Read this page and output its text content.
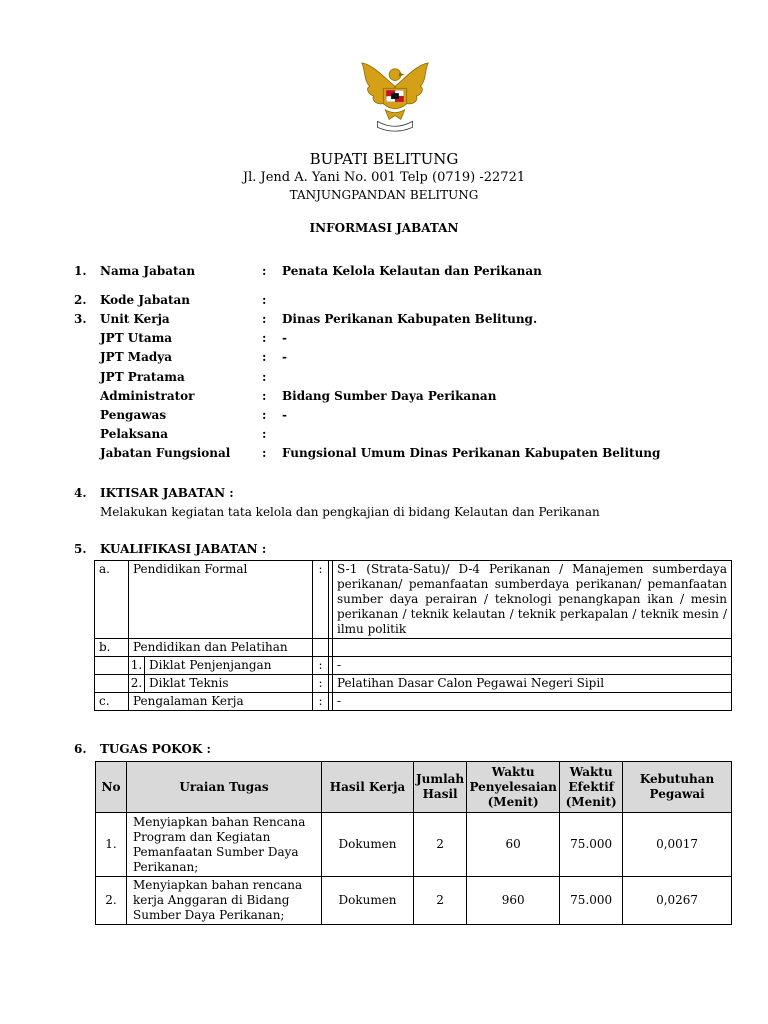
BUPATI BELITUNG
Jl. Jend A. Yani No. 001 Telp (0719) -22721
TANJUNGPANDAN BELITUNG
INFORMASI JABATAN
1. Nama Jabatan	: Penata Kelola Kelautan dan Perikanan
2. Kode Jabatan	:
3. Unit Kerja	: Dinas Perikanan Kabupaten Belitung.
JPT Utama	: -
JPT Madya	: -
JPT Pratama	:
Administrator	: Bidang Sumber Daya Perikanan
Pengawas	: -
Pelaksana	:
Jabatan Fungsional	: Fungsional Umum Dinas Perikanan Kabupaten Belitung
4. IKTISAR JABATAN :
Melakukan kegiatan tata kelola dan pengkajian di bidang Kelautan dan Perikanan
5. KUALIFIKASI JABATAN :
a.	Pendidikan Formal		:		S-1 (Strata-Satu)/ D-4 Perikanan / Manajemen sumberdaya perikanan/ pemanfaatan sumberdaya perikanan/ pemanfaatan sumber daya perairan / teknologi penangkapan ikan / mesin perikanan / teknik kelautan / teknik perkapalan / teknik mesin / ilmu politik
b.	Pendidikan dan Pelatihan				
	1.	Diklat Penjenjangan	:		-
	2.	Diklat Teknis	:		Pelatihan Dasar Calon Pegawai Negeri Sipil
c.	Pengalaman Kerja		:		-
6. TUGAS POKOK :
No	Uraian Tugas	Hasil Kerja	Jumlah Hasil	Waktu Penyelesaian (Menit)	Waktu Efektif (Menit)	Kebutuhan Pegawai
1.	Menyiapkan bahan Rencana Program dan Kegiatan Pemanfaatan Sumber Daya Perikanan;	Dokumen	2	60	75.000	0,0017
2.	Menyiapkan bahan rencana kerja Anggaran di Bidang Sumber Daya Perikanan;	Dokumen	2	960	75.000	0,0267
